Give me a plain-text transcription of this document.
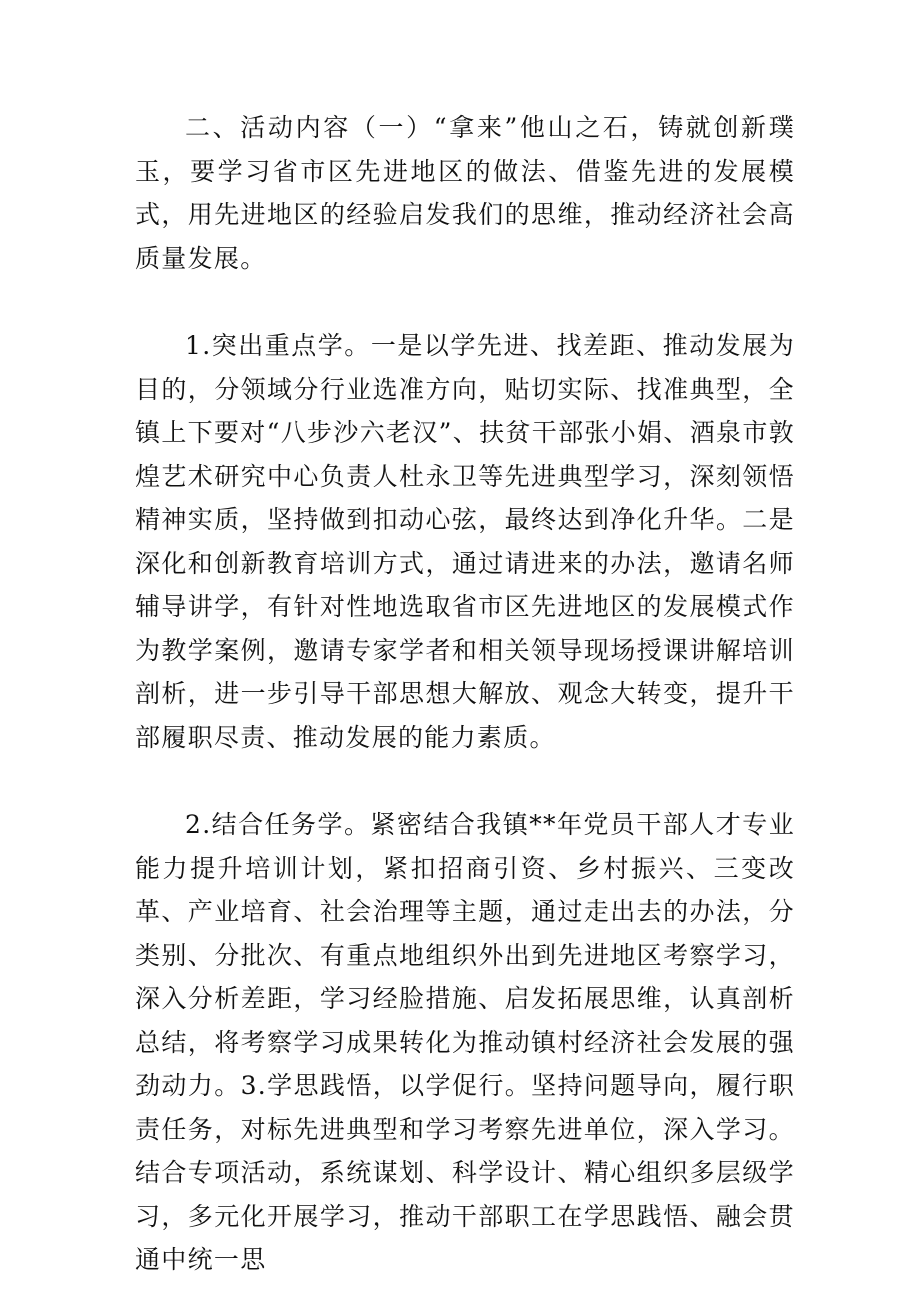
二、活动内容（一）“拿来”他山之石，铸就创新璞玉，要学习省市区先进地区的做法、借鉴先进的发展模式，用先进地区的经验启发我们的思维，推动经济社会高质量发展。

1.突出重点学。一是以学先进、找差距、推动发展为目的，分领域分行业选准方向，贴切实际、找准典型，全镇上下要对“八步沙六老汉”、扶贫干部张小娟、酒泉市敦煌艺术研究中心负责人杜永卫等先进典型学习，深刻领悟精神实质，坚持做到扣动心弦，最终达到净化升华。二是深化和创新教育培训方式，通过请进来的办法，邀请名师辅导讲学，有针对性地选取省市区先进地区的发展模式作为教学案例，邀请专家学者和相关领导现场授课讲解培训剖析，进一步引导干部思想大解放、观念大转变，提升干部履职尽责、推动发展的能力素质。

2.结合任务学。紧密结合我镇**年党员干部人才专业能力提升培训计划，紧扣招商引资、乡村振兴、三变改革、产业培育、社会治理等主题，通过走出去的办法，分类别、分批次、有重点地组织外出到先进地区考察学习，深入分析差距，学习经脸措施、启发拓展思维，认真剖析总结，将考察学习成果转化为推动镇村经济社会发展的强劲动力。3.学思践悟，以学促行。坚持问题导向，履行职责任务，对标先进典型和学习考察先进单位，深入学习。结合专项活动，系统谋划、科学设计、精心组织多层级学习，多元化开展学习，推动干部职工在学思践悟、融会贯通中统一思
